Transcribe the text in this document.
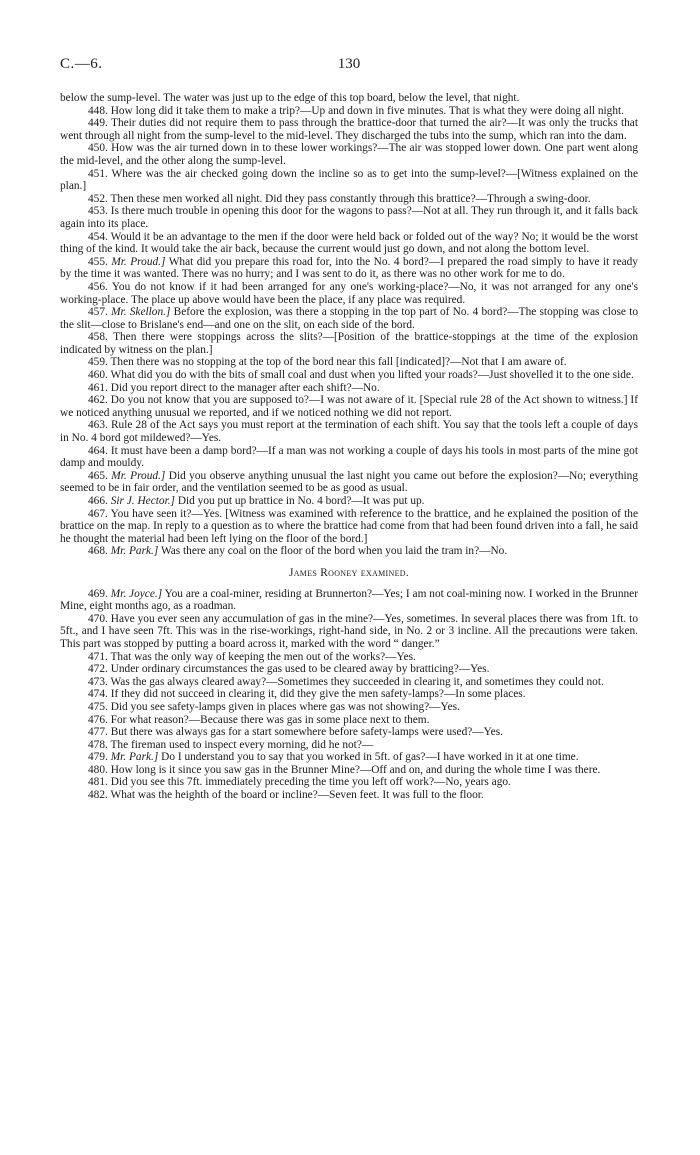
C.—6.	130

below the sump-level. The water was just up to the edge of this top board, below the level, that night.

448. How long did it take them to make a trip?—Up and down in five minutes. That is what they were doing all night.

449. Their duties did not require them to pass through the brattice-door that turned the air?—It was only the trucks that went through all night from the sump-level to the mid-level. They discharged the tubs into the sump, which ran into the dam.

450. How was the air turned down in to these lower workings?—The air was stopped lower down. One part went along the mid-level, and the other along the sump-level.

451. Where was the air checked going down the incline so as to get into the sump-level?—[Witness explained on the plan.]

452. Then these men worked all night. Did they pass constantly through this brattice?—Through a swing-door.

453. Is there much trouble in opening this door for the wagons to pass?—Not at all. They run through it, and it falls back again into its place.

454. Would it be an advantage to the men if the door were held back or folded out of the way? No; it would be the worst thing of the kind. It would take the air back, because the current would just go down, and not along the bottom level.

455. Mr. Proud.] What did you prepare this road for, into the No. 4 bord?—I prepared the road simply to have it ready by the time it was wanted. There was no hurry; and I was sent to do it, as there was no other work for me to do.

456. You do not know if it had been arranged for any one's working-place?—No, it was not arranged for any one's working-place. The place up above would have been the place, if any place was required.

457. Mr. Skellon.] Before the explosion, was there a stopping in the top part of No. 4 bord?—The stopping was close to the slit—close to Brislane's end—and one on the slit, on each side of the bord.

458. Then there were stoppings across the slits?—[Position of the brattice-stoppings at the time of the explosion indicated by witness on the plan.]

459. Then there was no stopping at the top of the bord near this fall [indicated]?—Not that I am aware of.

460. What did you do with the bits of small coal and dust when you lifted your roads?—Just shovelled it to the one side.

461. Did you report direct to the manager after each shift?—No.

462. Do you not know that you are supposed to?—I was not aware of it. [Special rule 28 of the Act shown to witness.] If we noticed anything unusual we reported, and if we noticed nothing we did not report.

463. Rule 28 of the Act says you must report at the termination of each shift. You say that the tools left a couple of days in No. 4 bord got mildewed?—Yes.

464. It must have been a damp bord?—If a man was not working a couple of days his tools in most parts of the mine got damp and mouldy.

465. Mr. Proud.] Did you observe anything unusual the last night you came out before the explosion?—No; everything seemed to be in fair order, and the ventilation seemed to be as good as usual.

466. Sir J. Hector.] Did you put up brattice in No. 4 bord?—It was put up.

467. You have seen it?—Yes. [Witness was examined with reference to the brattice, and he explained the position of the brattice on the map. In reply to a question as to where the brattice had come from that had been found driven into a fall, he said he thought the material had been left lying on the floor of the bord.]

468. Mr. Park.] Was there any coal on the floor of the bord when you laid the tram in?—No.

James Rooney examined.

469. Mr. Joyce.] You are a coal-miner, residing at Brunnerton?—Yes; I am not coal-mining now. I worked in the Brunner Mine, eight months ago, as a roadman.

470. Have you ever seen any accumulation of gas in the mine?—Yes, sometimes. In several places there was from 1ft. to 5ft., and I have seen 7ft. This was in the rise-workings, right-hand side, in No. 2 or 3 incline. All the precautions were taken. This part was stopped by putting a board across it, marked with the word “ danger.”

471. That was the only way of keeping the men out of the works?—Yes.

472. Under ordinary circumstances the gas used to be cleared away by bratticing?—Yes.

473. Was the gas always cleared away?—Sometimes they succeeded in clearing it, and sometimes they could not.

474. If they did not succeed in clearing it, did they give the men safety-lamps?—In some places.

475. Did you see safety-lamps given in places where gas was not showing?—Yes.

476. For what reason?—Because there was gas in some place next to them.

477. But there was always gas for a start somewhere before safety-lamps were used?—Yes.

478. The fireman used to inspect every morning, did he not?—

479. Mr. Park.] Do I understand you to say that you worked in 5ft. of gas?—I have worked in it at one time.

480. How long is it since you saw gas in the Brunner Mine?—Off and on, and during the whole time I was there.

481. Did you see this 7ft. immediately preceding the time you left off work?—No, years ago.

482. What was the heighth of the board or incline?—Seven feet. It was full to the floor.
